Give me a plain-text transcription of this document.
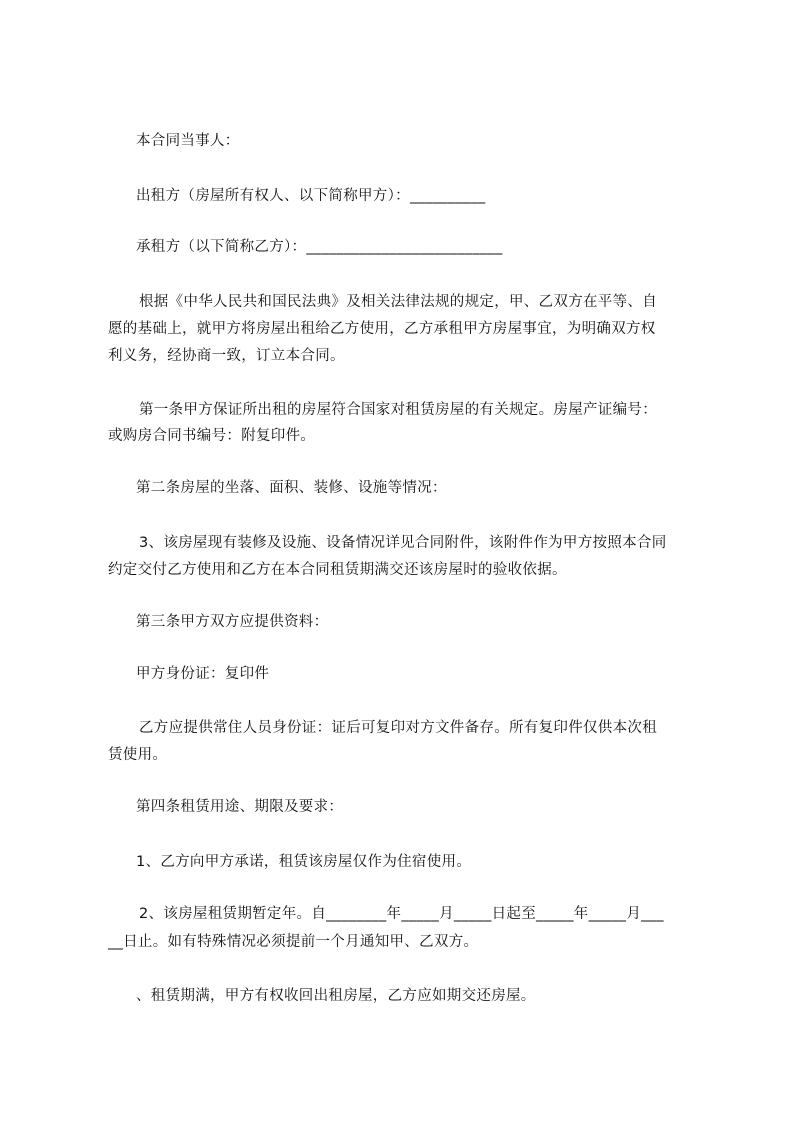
本合同当事人：
出租方（房屋所有权人、以下简称甲方）：__________
承租方（以下简称乙方）：__________________________
根据《中华人民共和国民法典》及相关法律法规的规定，甲、乙双方在平等、自
愿的基础上，就甲方将房屋出租给乙方使用，乙方承租甲方房屋事宜，为明确双方权
利义务，经协商一致，订立本合同。
第一条甲方保证所出租的房屋符合国家对租赁房屋的有关规定。房屋产证编号：
或购房合同书编号：附复印件。
第二条房屋的坐落、面积、装修、设施等情况：
3、该房屋现有装修及设施、设备情况详见合同附件，该附件作为甲方按照本合同
约定交付乙方使用和乙方在本合同租赁期满交还该房屋时的验收依据。
第三条甲方双方应提供资料：
甲方身份证：复印件
乙方应提供常住人员身份证：证后可复印对方文件备存。所有复印件仅供本次租
赁使用。
第四条租赁用途、期限及要求：
1、乙方向甲方承诺，租赁该房屋仅作为住宿使用。
2、该房屋租赁期暂定年。自________年_____月_____日起至_____年_____月___
__日止。如有特殊情况必须提前一个月通知甲、乙双方。
、租赁期满，甲方有权收回出租房屋，乙方应如期交还房屋。
